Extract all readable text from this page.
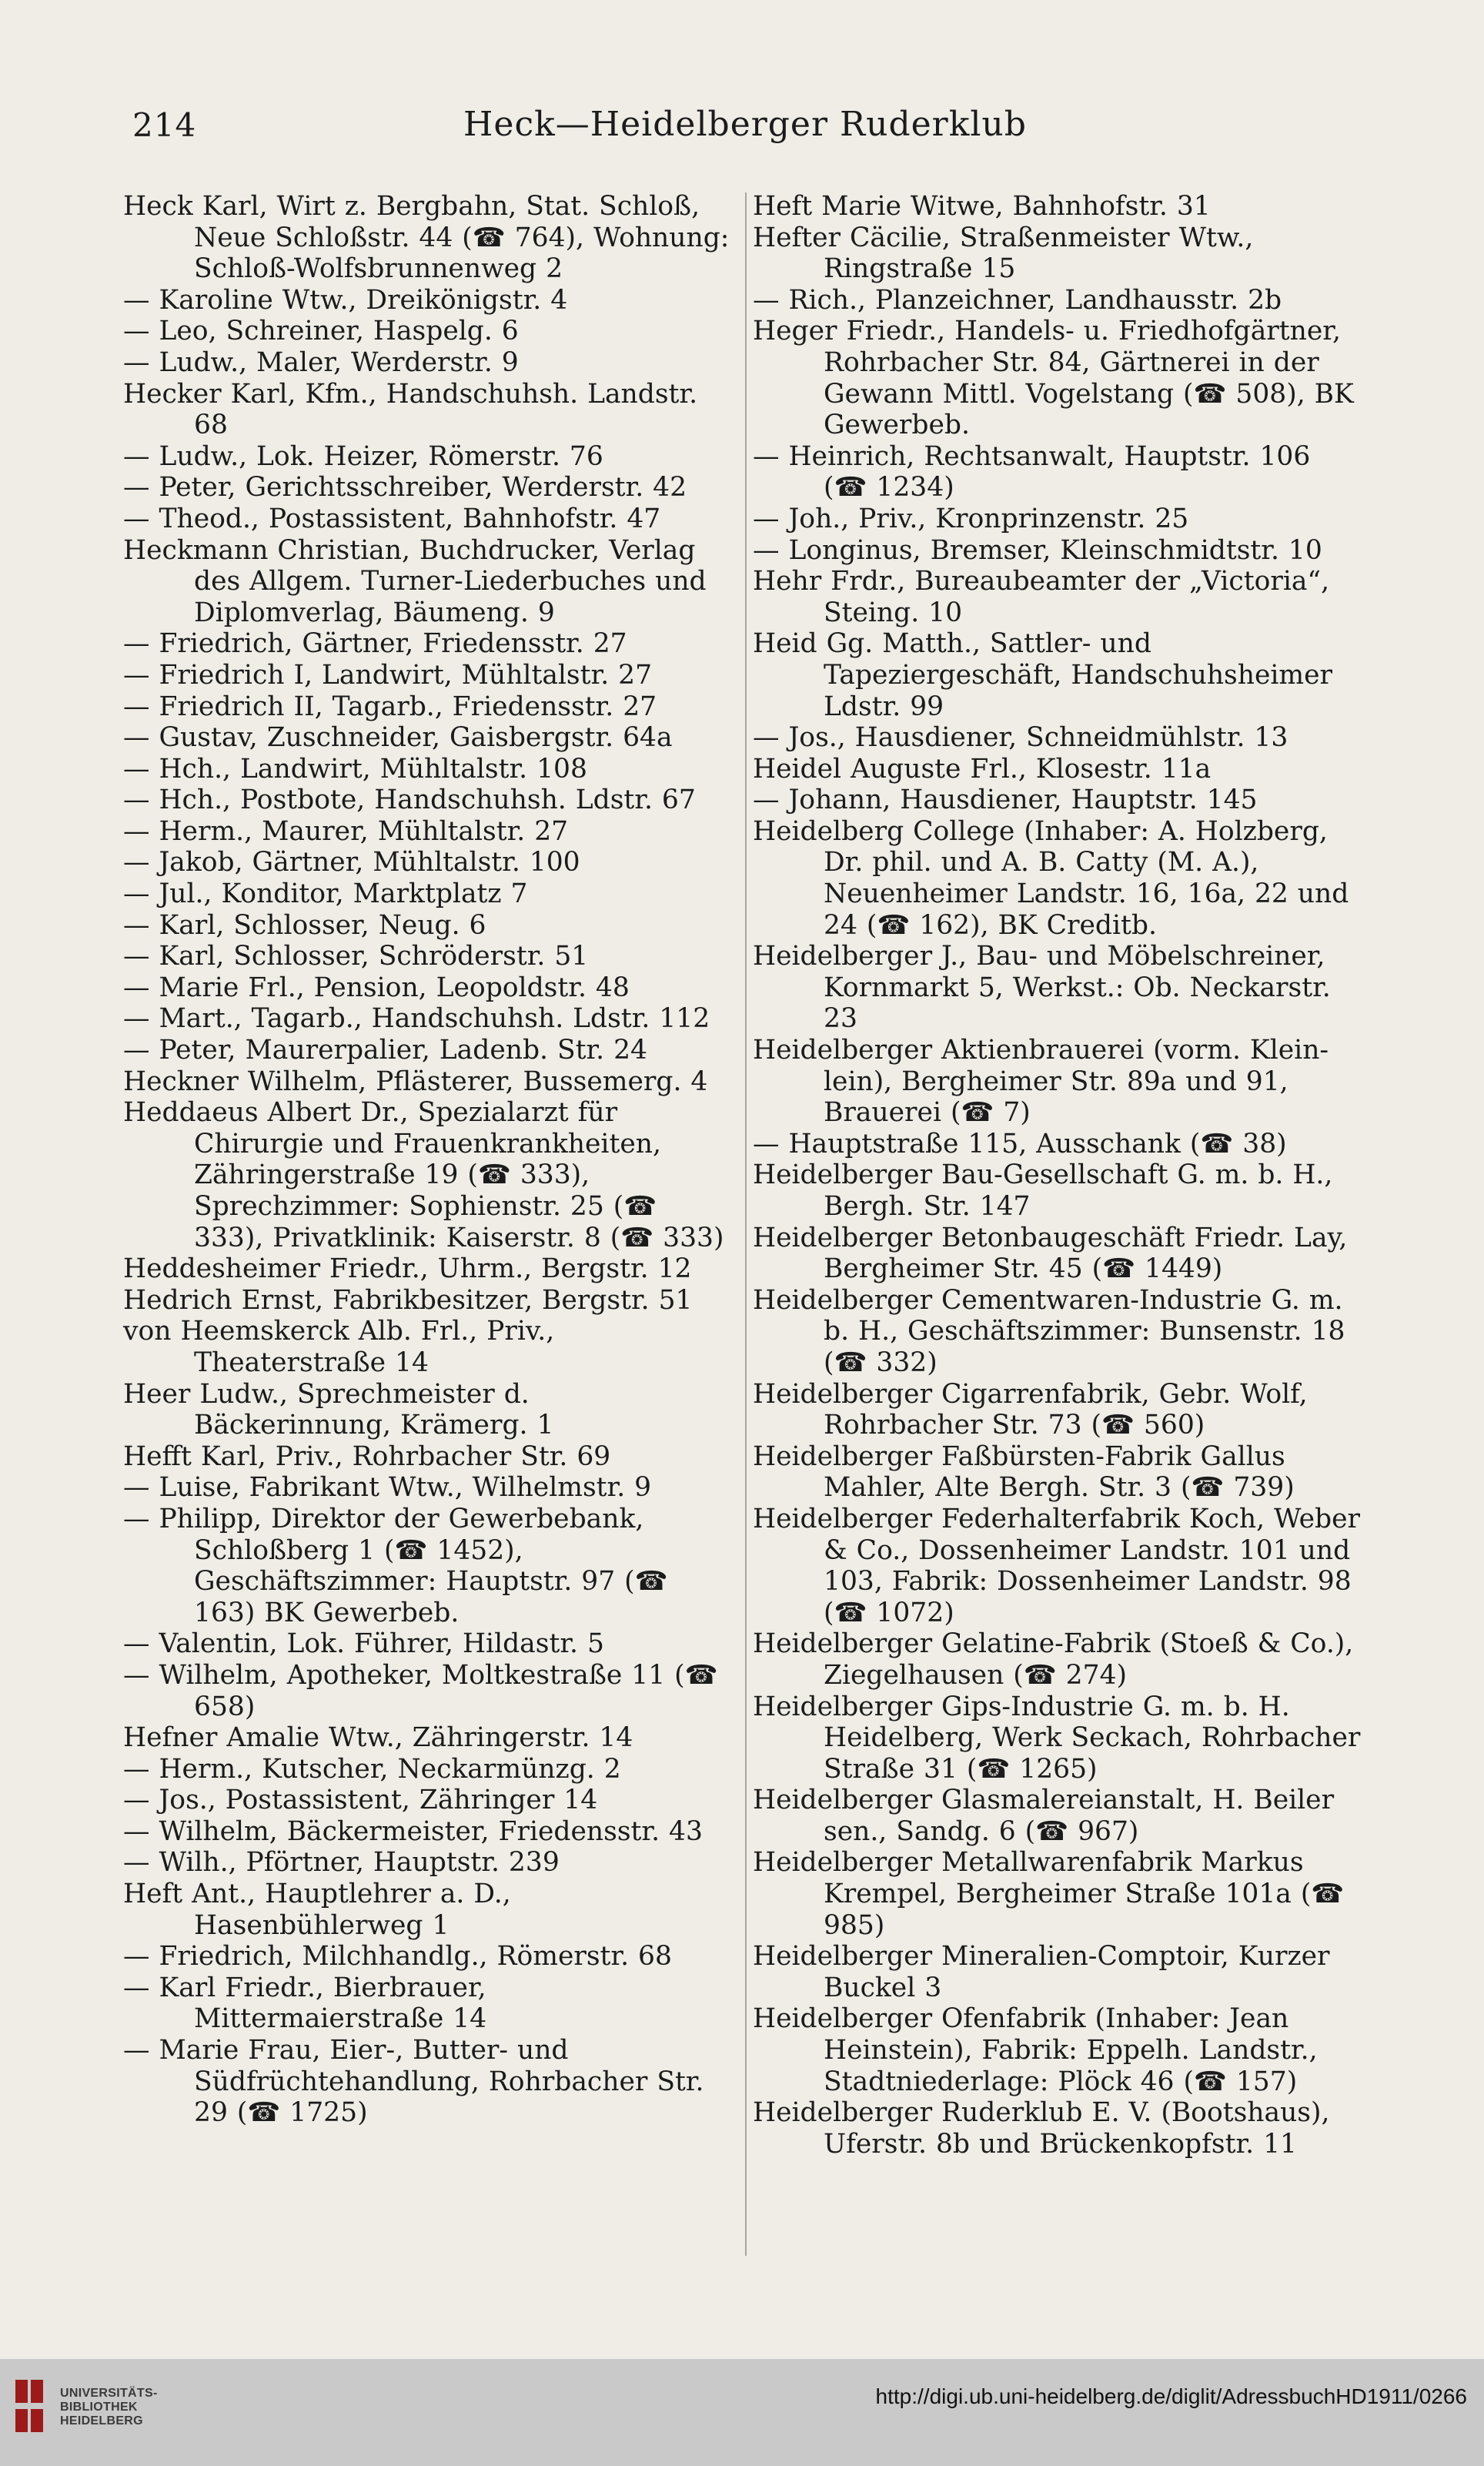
214	Heck—Heidelberger Ruderklub
Heck Karl, Wirt z. Bergbahn, Stat. Schloß, Neue Schloßstr. 44 (☎ 764), Wohnung: Schloß-Wolfsbrunnenweg 2
— Karoline Wtw., Dreikönigstr. 4
— Leo, Schreiner, Haspelg. 6
— Ludw., Maler, Werderstr. 9
Hecker Karl, Kfm., Handschuhsh. Landstr. 68
— Ludw., Lok. Heizer, Römerstr. 76
— Peter, Gerichtsschreiber, Werderstr. 42
— Theod., Postassistent, Bahnhofstr. 47
Heckmann Christian, Buchdrucker, Verlag des Allgem. Turner-Liederbuches und Diplomverlag, Bäumeng. 9
— Friedrich, Gärtner, Friedensstr. 27
— Friedrich I, Landwirt, Mühltalstr. 27
— Friedrich II, Tagarb., Friedensstr. 27
— Gustav, Zuschneider, Gaisbergstr. 64a
— Hch., Landwirt, Mühltalstr. 108
— Hch., Postbote, Handschuhsh. Ldstr. 67
— Herm., Maurer, Mühltalstr. 27
— Jakob, Gärtner, Mühltalstr. 100
— Jul., Konditor, Marktplatz 7
— Karl, Schlosser, Neug. 6
— Karl, Schlosser, Schröderstr. 51
— Marie Frl., Pension, Leopoldstr. 48
— Mart., Tagarb., Handschuhsh. Ldstr. 112
— Peter, Maurerpalier, Ladenb. Str. 24
Heckner Wilhelm, Pflästerer, Bussemerg. 4
Heddaeus Albert Dr., Spezialarzt für Chirurgie und Frauenkrankheiten, Zähringerstraße 19 (☎ 333), Sprechzimmer: Sophienstr. 25 (☎ 333), Privatklinik: Kaiserstr. 8 (☎ 333)
Heddesheimer Friedr., Uhrm., Bergstr. 12
Hedrich Ernst, Fabrikbesitzer, Bergstr. 51
von Heemskerck Alb. Frl., Priv., Theaterstraße 14
Heer Ludw., Sprechmeister d. Bäckerinnung, Krämerg. 1
Hefft Karl, Priv., Rohrbacher Str. 69
— Luise, Fabrikant Wtw., Wilhelmstr. 9
— Philipp, Direktor der Gewerbebank, Schloßberg 1 (☎ 1452), Geschäftszimmer: Hauptstr. 97 (☎ 163) BK Gewerbeb.
— Valentin, Lok. Führer, Hildastr. 5
— Wilhelm, Apotheker, Moltkestraße 11 (☎ 658)
Hefner Amalie Wtw., Zähringerstr. 14
— Herm., Kutscher, Neckarmünzg. 2
— Jos., Postassistent, Zähringer 14
— Wilhelm, Bäckermeister, Friedensstr. 43
— Wilh., Pförtner, Hauptstr. 239
Heft Ant., Hauptlehrer a. D., Hasenbühlerweg 1
— Friedrich, Milchhandlg., Römerstr. 68
— Karl Friedr., Bierbrauer, Mittermaierstraße 14
— Marie Frau, Eier-, Butter- und Südfrüchtehandlung, Rohrbacher Str. 29 (☎ 1725)
Heft Marie Witwe, Bahnhofstr. 31
Hefter Cäcilie, Straßenmeister Wtw., Ringstraße 15
— Rich., Planzeichner, Landhausstr. 2b
Heger Friedr., Handels- u. Friedhofgärtner, Rohrbacher Str. 84, Gärtnerei in der Gewann Mittl. Vogelstang (☎ 508), BK Gewerbeb.
— Heinrich, Rechtsanwalt, Hauptstr. 106 (☎ 1234)
— Joh., Priv., Kronprinzenstr. 25
— Longinus, Bremser, Kleinschmidtstr. 10
Hehr Frdr., Bureaubeamter der „Victoria“, Steing. 10
Heid Gg. Matth., Sattler- und Tapeziergeschäft, Handschuhsheimer Ldstr. 99
— Jos., Hausdiener, Schneidmühlstr. 13
Heidel Auguste Frl., Klosestr. 11a
— Johann, Hausdiener, Hauptstr. 145
Heidelberg College (Inhaber: A. Holzberg, Dr. phil. und A. B. Catty (M. A.), Neuenheimer Landstr. 16, 16a, 22 und 24 (☎ 162), BK Creditb.
Heidelberger J., Bau- und Möbelschreiner, Kornmarkt 5, Werkst.: Ob. Neckarstr. 23
Heidelberger Aktienbrauerei (vorm. Klein-lein), Bergheimer Str. 89a und 91, Brauerei (☎ 7)
— Hauptstraße 115, Ausschank (☎ 38)
Heidelberger Bau-Gesellschaft G. m. b. H., Bergh. Str. 147
Heidelberger Betonbaugeschäft Friedr. Lay, Bergheimer Str. 45 (☎ 1449)
Heidelberger Cementwaren-Industrie G. m. b. H., Geschäftszimmer: Bunsenstr. 18 (☎ 332)
Heidelberger Cigarrenfabrik, Gebr. Wolf, Rohrbacher Str. 73 (☎ 560)
Heidelberger Faßbürsten-Fabrik Gallus Mahler, Alte Bergh. Str. 3 (☎ 739)
Heidelberger Federhalterfabrik Koch, Weber & Co., Dossenheimer Landstr. 101 und 103, Fabrik: Dossenheimer Landstr. 98 (☎ 1072)
Heidelberger Gelatine-Fabrik (Stoeß & Co.), Ziegelhausen (☎ 274)
Heidelberger Gips-Industrie G. m. b. H. Heidelberg, Werk Seckach, Rohrbacher Straße 31 (☎ 1265)
Heidelberger Glasmalereianstalt, H. Beiler sen., Sandg. 6 (☎ 967)
Heidelberger Metallwarenfabrik Markus Krempel, Bergheimer Straße 101a (☎ 985)
Heidelberger Mineralien-Comptoir, Kurzer Buckel 3
Heidelberger Ofenfabrik (Inhaber: Jean Heinstein), Fabrik: Eppelh. Landstr., Stadtniederlage: Plöck 46 (☎ 157)
Heidelberger Ruderklub E. V. (Bootshaus), Uferstr. 8b und Brückenkopfstr. 11
UNIVERSITÄTS-
BIBLIOTHEK
HEIDELBERG
http://digi.ub.uni-heidelberg.de/diglit/AdressbuchHD1911/0266
